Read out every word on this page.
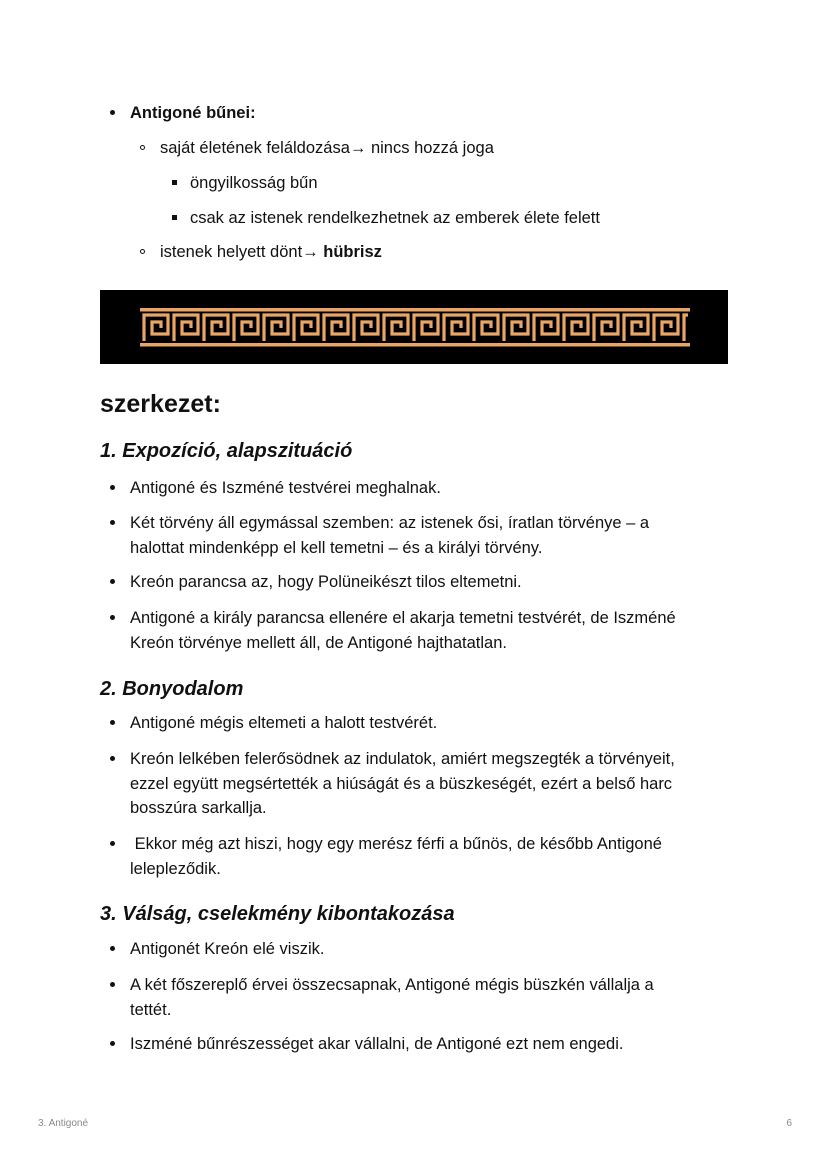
Antigoné bűnei:
saját életének feláldozása→ nincs hozzá joga
öngyilkosság bűn
csak az istenek rendelkezhetnek az emberek élete felett
istenek helyett dönt→ hübrisz
szerkezet:
1. Expozíció, alapszituáció
Antigoné és Iszméné testvérei meghalnak.
Két törvény áll egymással szemben: az istenek ősi, íratlan törvénye – a
halottat mindenképp el kell temetni – és a királyi törvény.
Kreón parancsa az, hogy Polüneikészt tilos eltemetni.
Antigoné a király parancsa ellenére el akarja temetni testvérét, de Iszméné
Kreón törvénye mellett áll, de Antigoné hajthatatlan.
2. Bonyodalom
Antigoné mégis eltemeti a halott testvérét.
Kreón lelkében felerősödnek az indulatok, amiért megszegték a törvényeit,
ezzel együtt megsértették a hiúságát és a büszkeségét, ezért a belső harc
bosszúra sarkallja.
Ekkor még azt hiszi, hogy egy merész férfi a bűnös, de később Antigoné
lelepleződik.
3. Válság, cselekmény kibontakozása
Antigonét Kreón elé viszik.
A két főszereplő érvei összecsapnak, Antigoné mégis büszkén vállalja a
tettét.
Iszméné bűnrészességet akar vállalni, de Antigoné ezt nem engedi.
3. Antigoné	6
